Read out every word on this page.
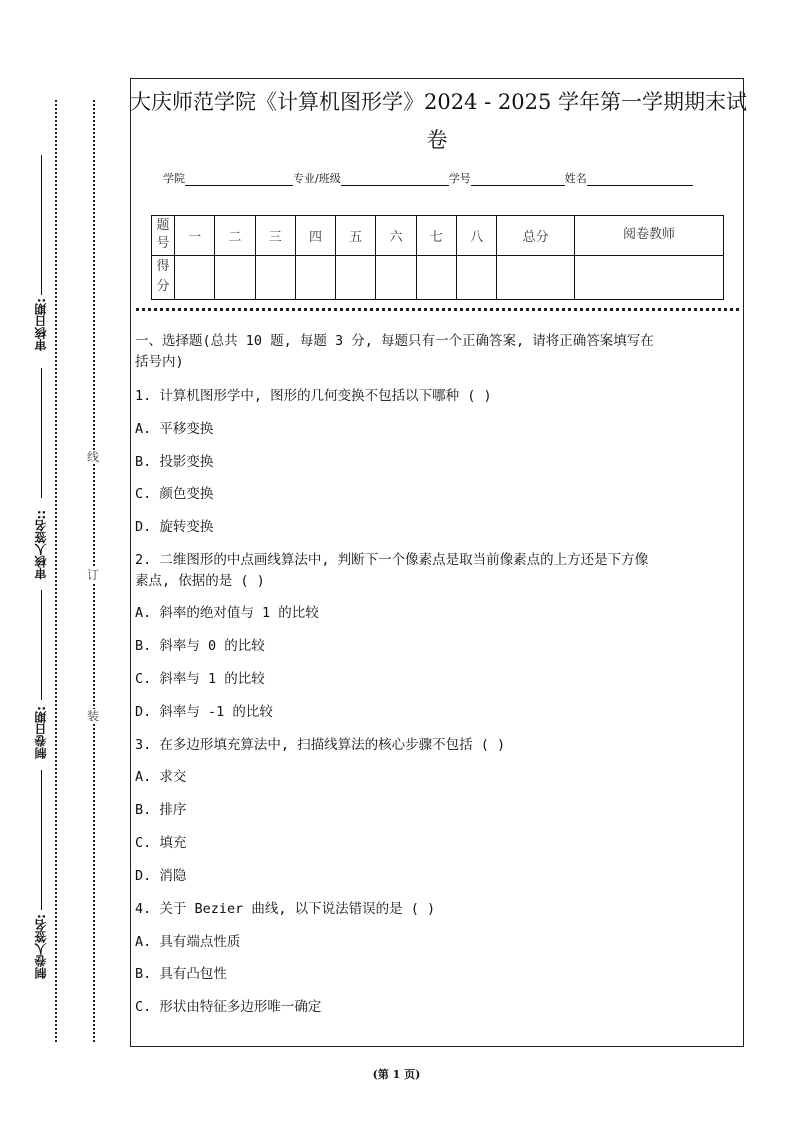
审核日期:
审核人签名::
制卷日期:
制卷人签名:
线
订
装
大庆师范学院《计算机图形学》2024 - 2025 学年第一学期期末试
卷
学院	专业/班级	学号	姓名
题号	一	二	三	四	五	六	七	八	总分	阅卷教师
得分										
一、选择题(总共 10 题, 每题 3 分, 每题只有一个正确答案, 请将正确答案填写在
括号内)
1. 计算机图形学中, 图形的几何变换不包括以下哪种 ( )
A. 平移变换
B. 投影变换
C. 颜色变换
D. 旋转变换
2. 二维图形的中点画线算法中, 判断下一个像素点是取当前像素点的上方还是下方像
素点, 依据的是 ( )
A. 斜率的绝对值与 1 的比较
B. 斜率与 0 的比较
C. 斜率与 1 的比较
D. 斜率与 -1 的比较
3. 在多边形填充算法中, 扫描线算法的核心步骤不包括 ( )
A. 求交
B. 排序
C. 填充
D. 消隐
4. 关于 Bezier 曲线, 以下说法错误的是 ( )
A. 具有端点性质
B. 具有凸包性
C. 形状由特征多边形唯一确定
(第 1 页)
